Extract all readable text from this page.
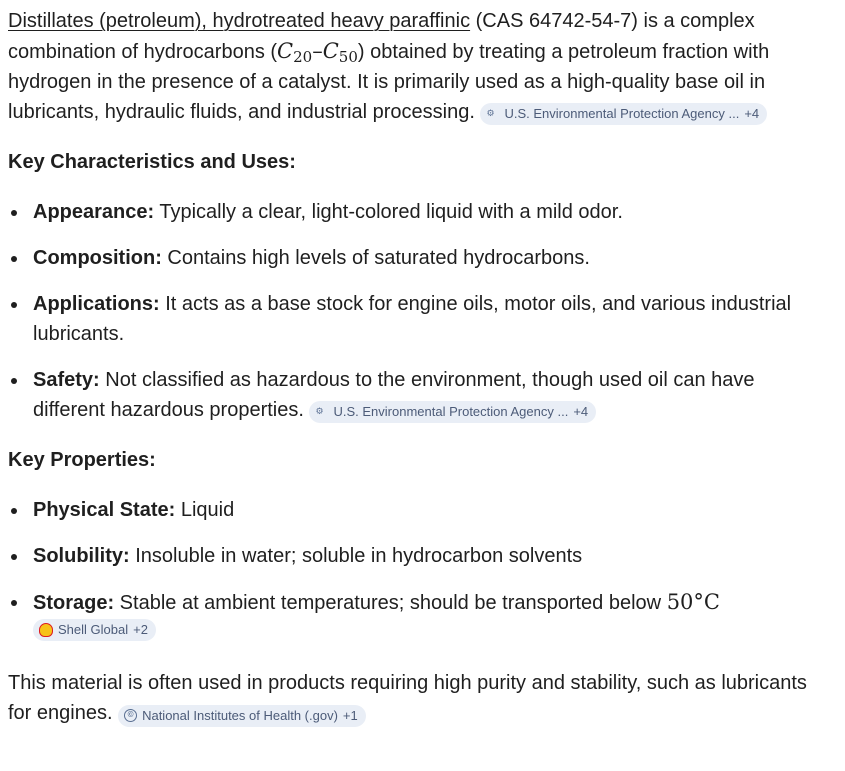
Distillates (petroleum), hydrotreated heavy paraffinic (CAS 64742-54-7) is a complex combination of hydrocarbons $(C_{20}-C_{50})$ obtained by treating a petroleum fraction with hydrogen in the presence of a catalyst. It is primarily used as a high-quality base oil in lubricants, hydraulic fluids, and industrial processing. ⚙︎ U.S. Environmental Protection Agency ... +4

Key Characteristics and Uses:

Appearance: Typically a clear, light-colored liquid with a mild odor.
Composition: Contains high levels of saturated hydrocarbons.
Applications: It acts as a base stock for engine oils, motor oils, and various industrial lubricants.
Safety: Not classified as hazardous to the environment, though used oil can have different hazardous properties. ⚙︎ U.S. Environmental Protection Agency ... +4

Key Properties:

Physical State: Liquid
Solubility: Insoluble in water; soluble in hydrocarbon solvents
Storage: Stable at ambient temperatures; should be transported below 50°C
Shell Global +2

This material is often used in products requiring high purity and stability, such as lubricants for engines.	© National Institutes of Health (.gov) +1
